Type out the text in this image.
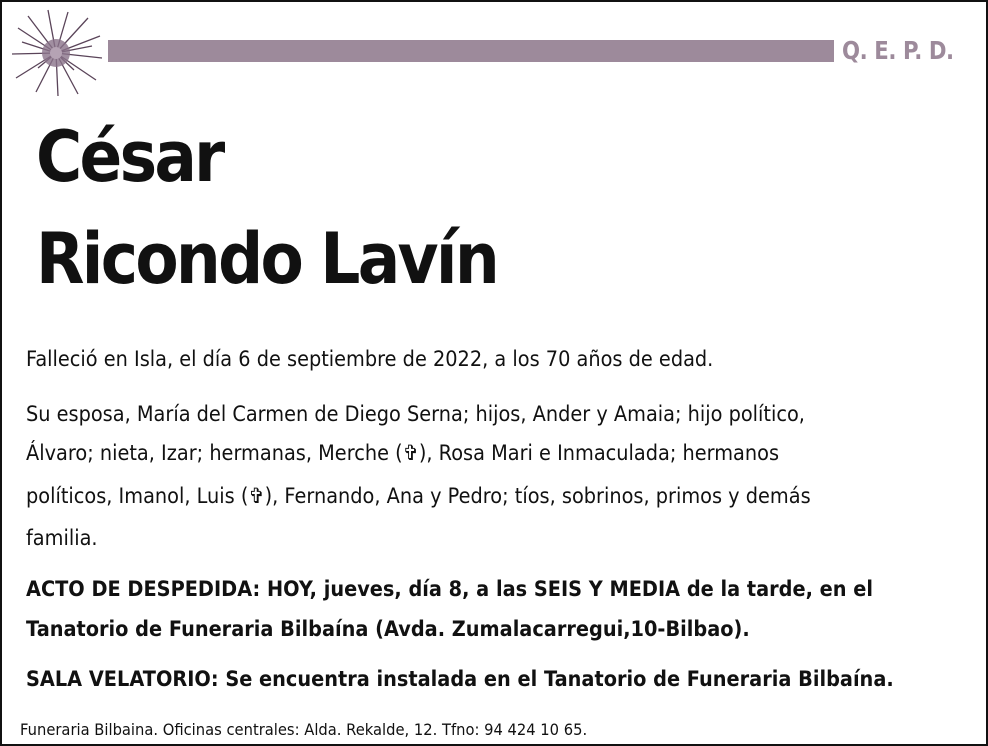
Q. E. P. D.
César
Ricondo Lavín
Falleció en Isla, el día 6 de septiembre de 2022, a los 70 años de edad.
Su esposa, María del Carmen de Diego Serna; hijos, Ander y Amaia; hijo político,
Álvaro; nieta, Izar; hermanas, Merche (✞), Rosa Mari e Inmaculada; hermanos
políticos, Imanol, Luis (✞), Fernando, Ana y Pedro; tíos, sobrinos, primos y demás
familia.
ACTO DE DESPEDIDA: HOY, jueves, día 8, a las SEIS Y MEDIA de la tarde, en el
Tanatorio de Funeraria Bilbaína (Avda. Zumalacarregui,10-Bilbao).
SALA VELATORIO: Se encuentra instalada en el Tanatorio de Funeraria Bilbaína.
Funeraria Bilbaina. Oficinas centrales: Alda. Rekalde, 12. Tfno: 94 424 10 65.
